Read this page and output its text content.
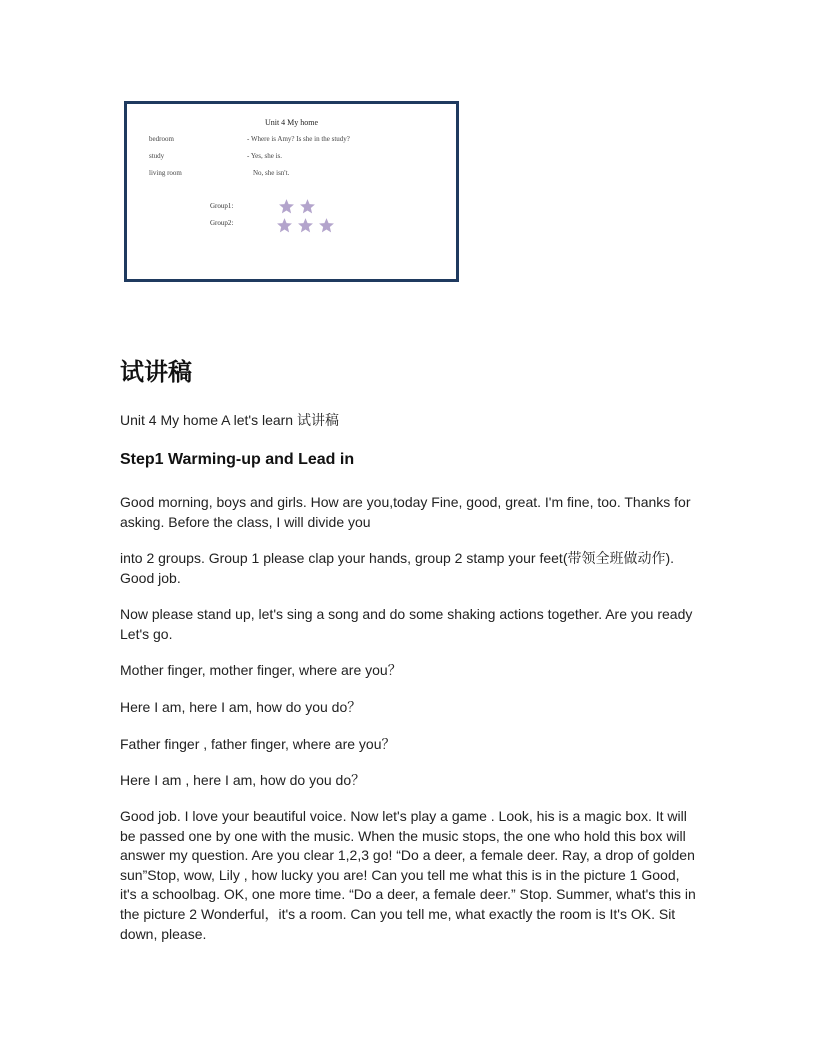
Unit 4 My home
bedroom
study
living room
- Where is Amy? Is she in the study?
- Yes, she is.
No, she isn't.
Group1:
Group2:
试讲稿

Unit 4 My home A let's learn 试讲稿

Step1 Warming-up and Lead in

Good morning, boys and girls. How are you,today Fine, good, great. I'm fine, too. Thanks for asking. Before the class, I will divide you

into 2 groups. Group 1 please clap your hands, group 2 stamp your feet(带领全班做动作). Good job.

Now please stand up, let's sing a song and do some shaking actions together. Are you ready Let's go.

Mother finger, mother finger, where are you？

Here I am, here I am, how do you do？

Father finger , father finger, where are you？

Here I am , here I am, how do you do？

Good job. I love your beautiful voice. Now let's play a game . Look, his is a magic box. It will be passed one by one with the music. When the music stops, the one who hold this box will answer my question. Are you clear 1,2,3 go! “Do a deer, a female deer. Ray, a drop of golden sun”Stop, wow, Lily , how lucky you are! Can you tell me what this is in the picture 1 Good, it's a schoolbag. OK, one more time. “Do a deer, a female deer.” Stop. Summer, what's this in the picture 2 Wonderful，it's a room. Can you tell me, what exactly the room is It's OK. Sit down, please.
